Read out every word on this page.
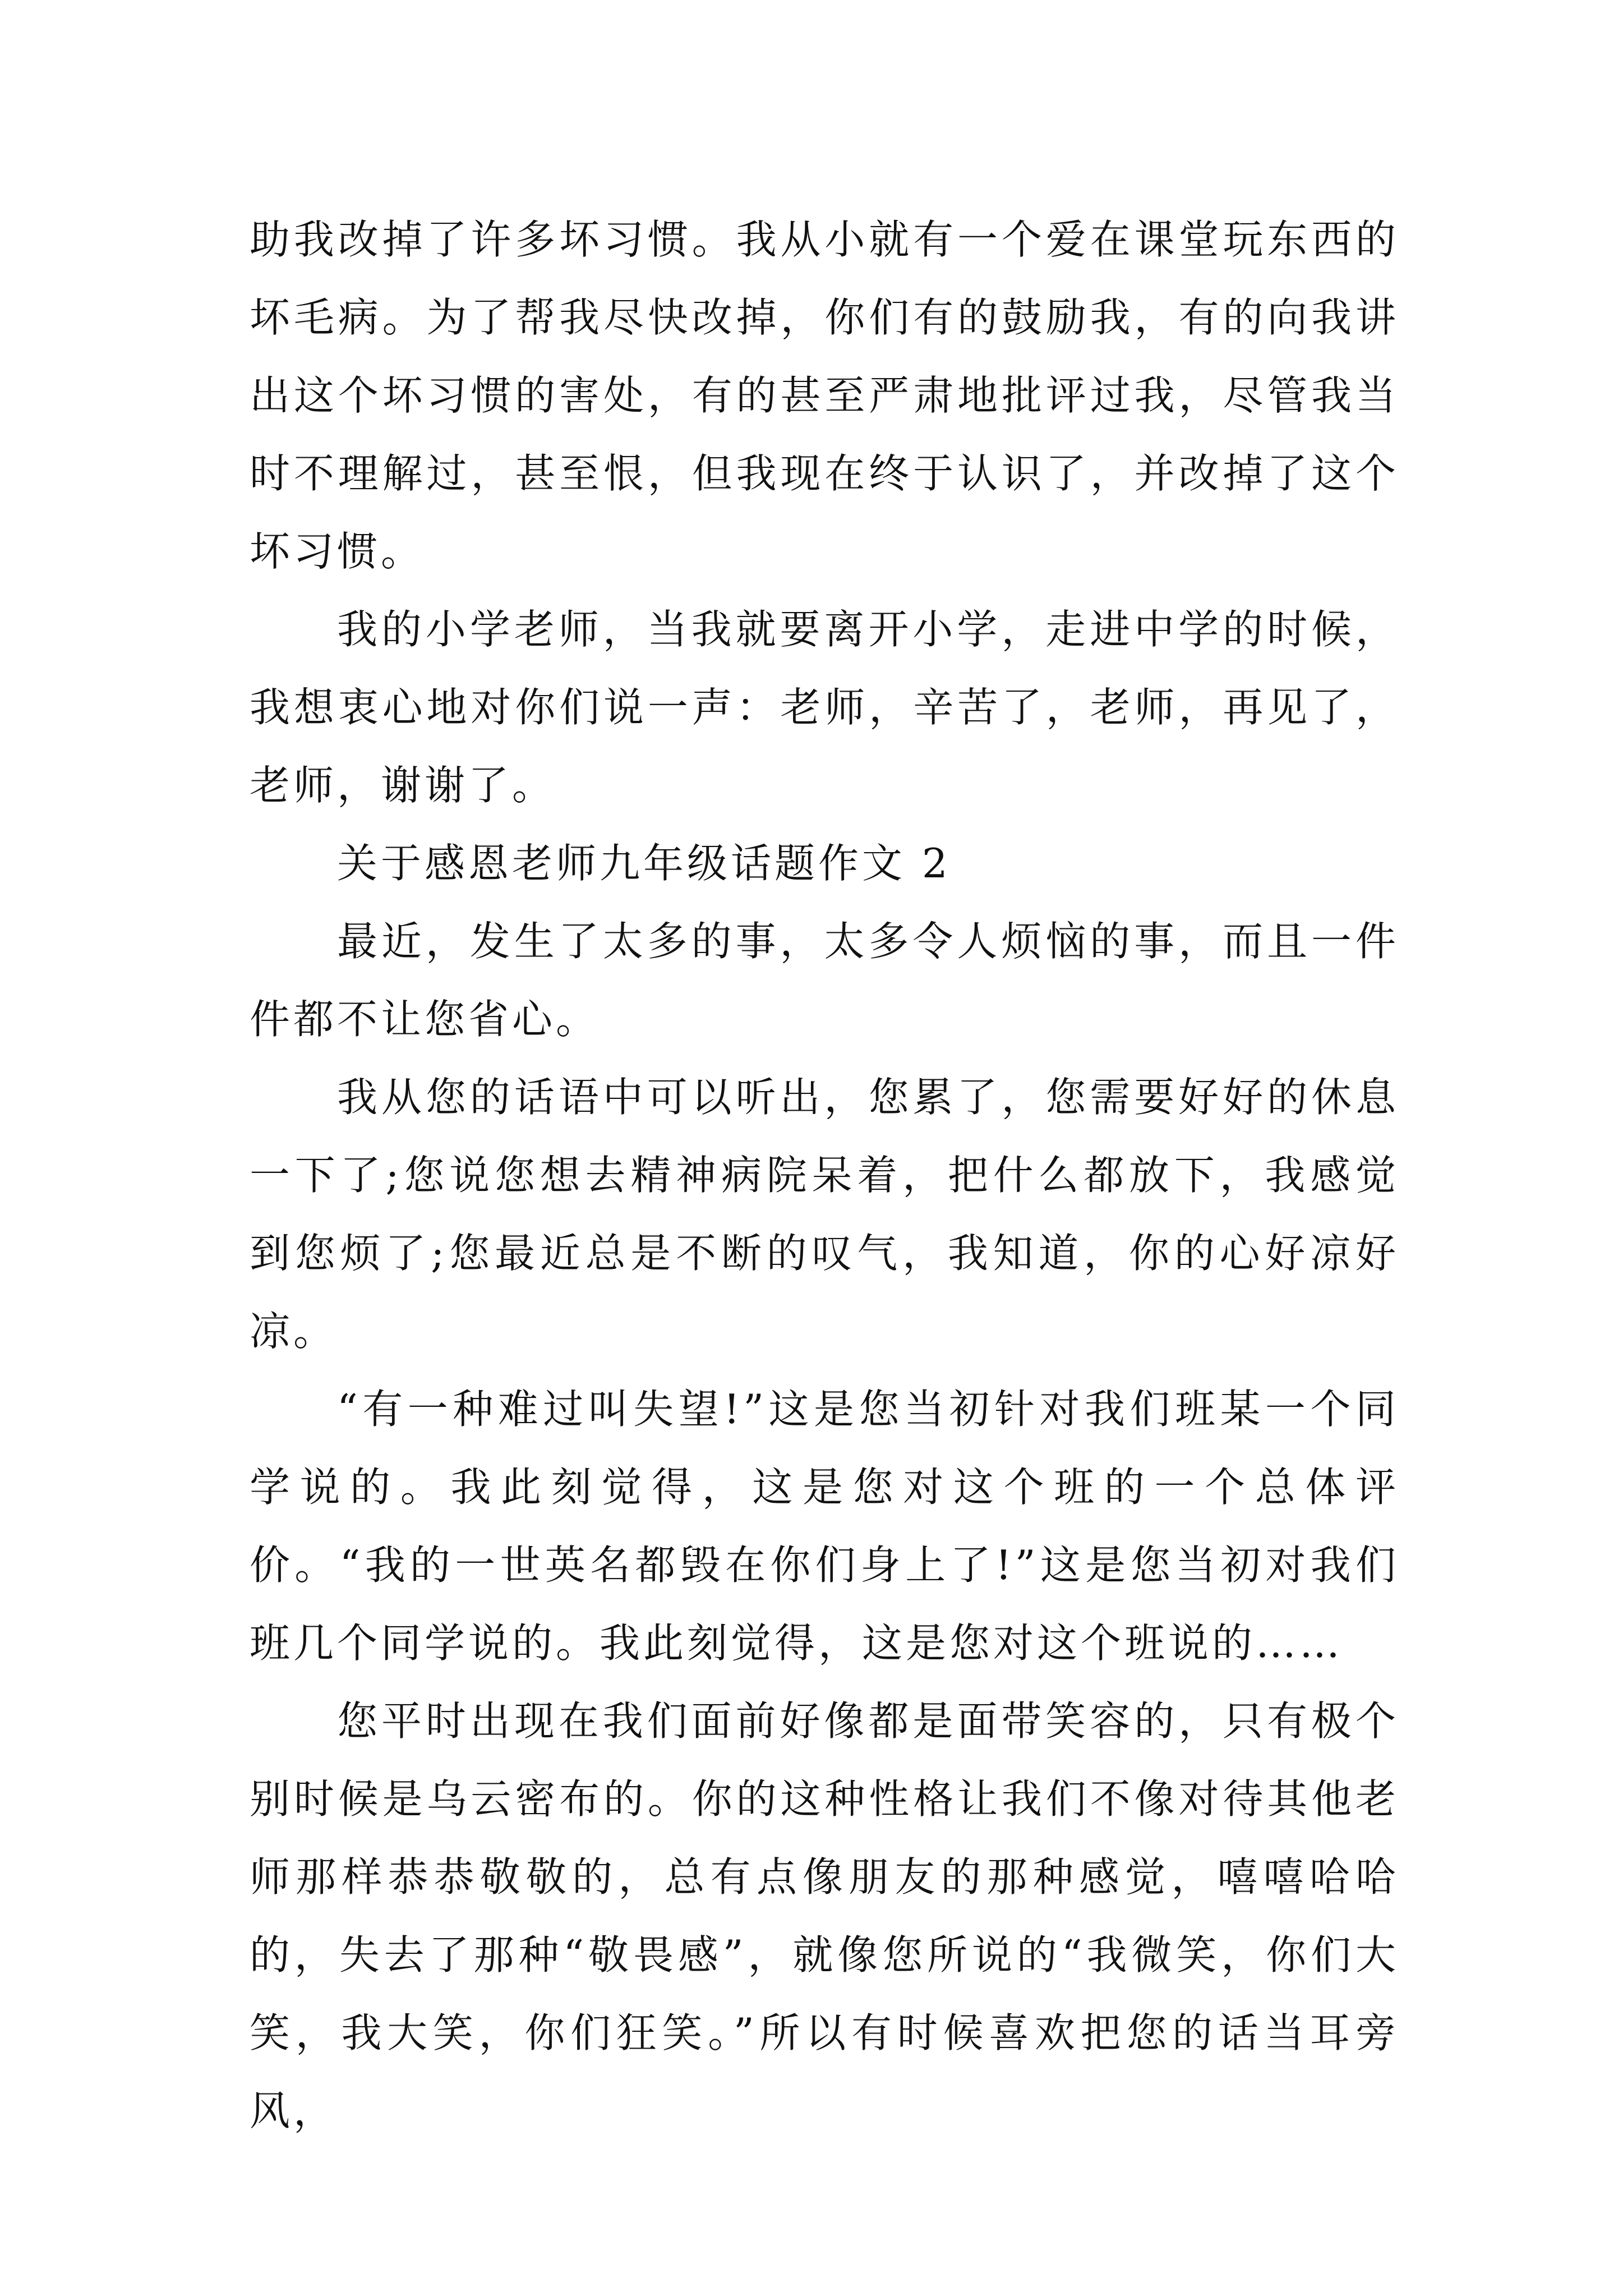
助我改掉了许多坏习惯。我从小就有一个爱在课堂玩东西的坏毛病。为了帮我尽快改掉，你们有的鼓励我，有的向我讲出这个坏习惯的害处，有的甚至严肃地批评过我，尽管我当时不理解过，甚至恨，但我现在终于认识了，并改掉了这个坏习惯。

我的小学老师，当我就要离开小学，走进中学的时候，我想衷心地对你们说一声：老师，辛苦了，老师，再见了，老师，谢谢了。

关于感恩老师九年级话题作文 2

最近，发生了太多的事，太多令人烦恼的事，而且一件件都不让您省心。

我从您的话语中可以听出，您累了，您需要好好的休息一下了;您说您想去精神病院呆着，把什么都放下，我感觉到您烦了;您最近总是不断的叹气，我知道，你的心好凉好凉。

“有一种难过叫失望!”这是您当初针对我们班某一个同学说的。我此刻觉得，这是您对这个班的一个总体评价。“我的一世英名都毁在你们身上了!”这是您当初对我们班几个同学说的。我此刻觉得，这是您对这个班说的……

您平时出现在我们面前好像都是面带笑容的，只有极个别时候是乌云密布的。你的这种性格让我们不像对待其他老师那样恭恭敬敬的，总有点像朋友的那种感觉，嘻嘻哈哈的，失去了那种“敬畏感”，就像您所说的“我微笑，你们大笑，我大笑，你们狂笑。”所以有时候喜欢把您的话当耳旁风，
